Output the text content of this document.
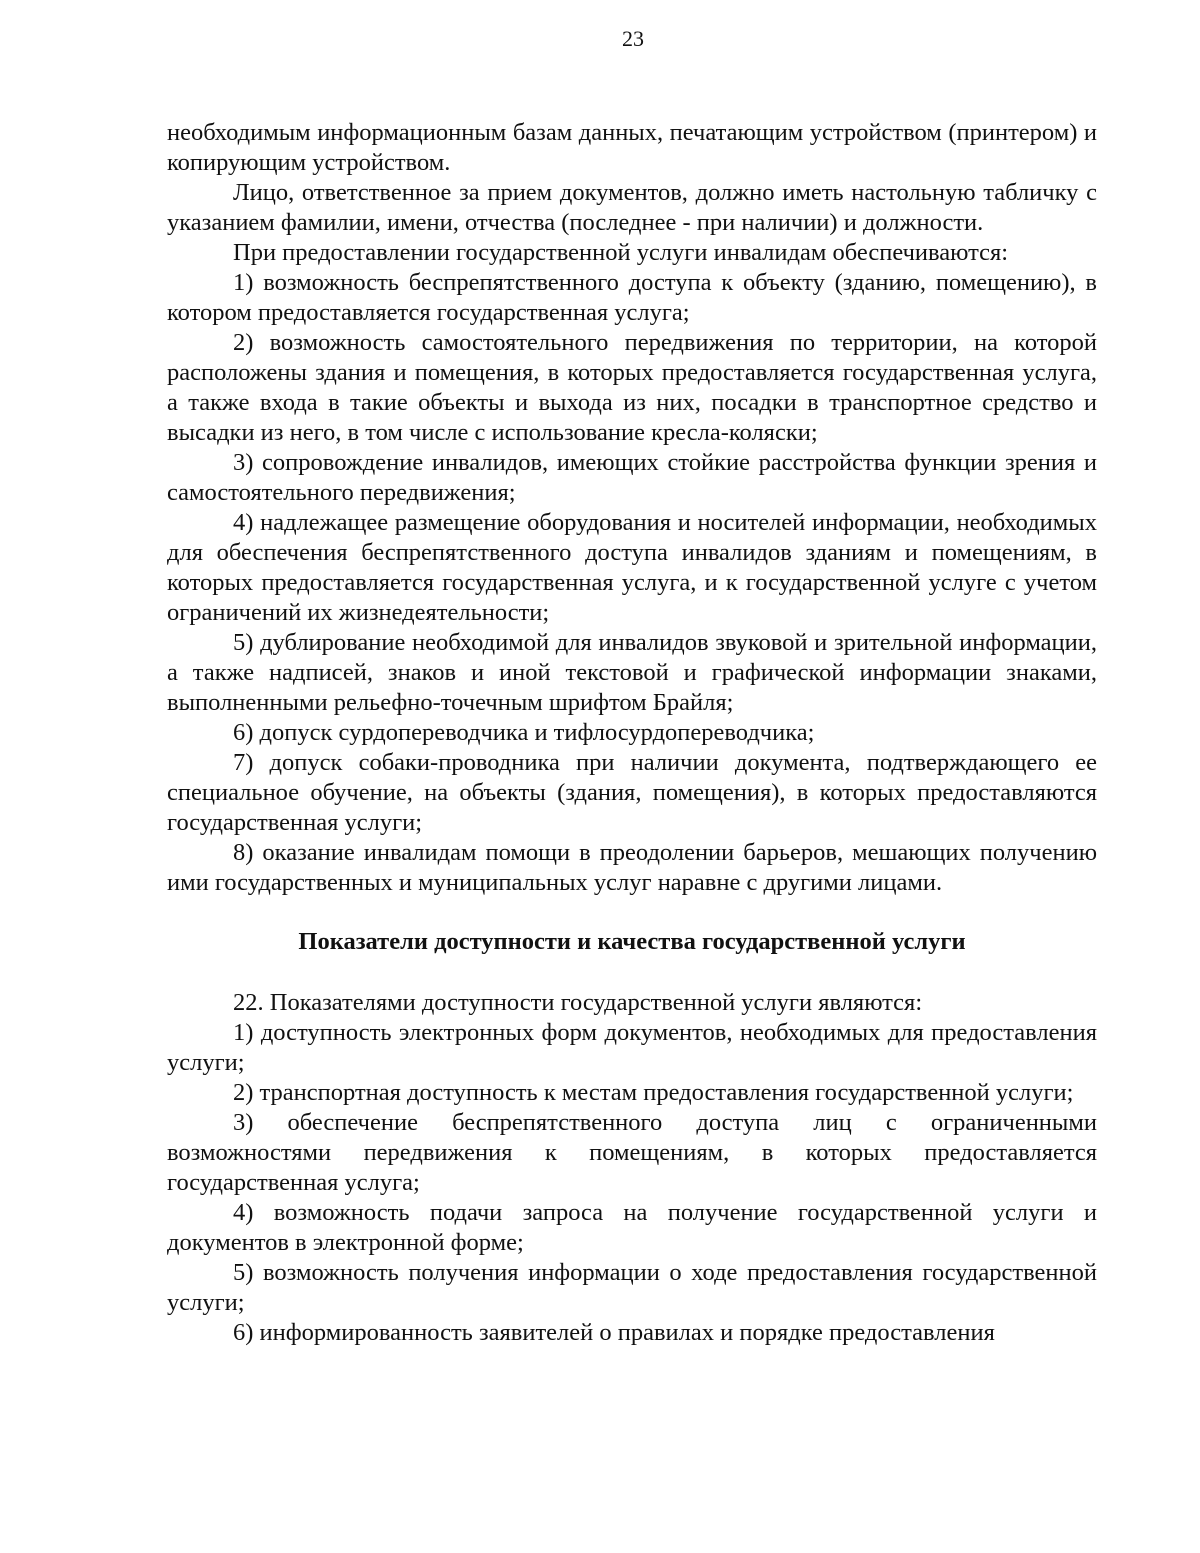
23

необходимым информационным базам данных, печатающим устройством (принтером) и копирующим устройством.

Лицо, ответственное за прием документов, должно иметь настольную табличку с указанием фамилии, имени, отчества (последнее - при наличии) и должности.

При предоставлении государственной услуги инвалидам обеспечиваются:

1) возможность беспрепятственного доступа к объекту (зданию, помещению), в котором предоставляется государственная услуга;

2) возможность самостоятельного передвижения по территории, на которой расположены здания и помещения, в которых предоставляется государственная услуга, а также входа в такие объекты и выхода из них, посадки в транспортное средство и высадки из него, в том числе с использование кресла-коляски;

3) сопровождение инвалидов, имеющих стойкие расстройства функции зрения и самостоятельного передвижения;

4) надлежащее размещение оборудования и носителей информации, необходимых для обеспечения беспрепятственного доступа инвалидов зданиям и помещениям, в которых предоставляется государственная услуга, и к государственной услуге с учетом ограничений их жизнедеятельности;

5) дублирование необходимой для инвалидов звуковой и зрительной информации, а также надписей, знаков и иной текстовой и графической информации знаками, выполненными рельефно-точечным шрифтом Брайля;

6) допуск сурдопереводчика и тифлосурдопереводчика;

7) допуск собаки-проводника при наличии документа, подтверждающего ее специальное обучение, на объекты (здания, помещения), в которых предоставляются государственная услуги;

8) оказание инвалидам помощи в преодолении барьеров, мешающих получению ими государственных и муниципальных услуг наравне с другими лицами.

Показатели доступности и качества государственной услуги

22. Показателями доступности государственной услуги являются:

1) доступность электронных форм документов, необходимых для предоставления услуги;

2) транспортная доступность к местам предоставления государственной услуги;

3) обеспечение беспрепятственного доступа лиц с ограниченными возможностями передвижения к помещениям, в которых предоставляется государственная услуга;

4) возможность подачи запроса на получение государственной услуги и документов в электронной форме;

5) возможность получения информации о ходе предоставления государственной услуги;

6) информированность заявителей о правилах и порядке предоставления
